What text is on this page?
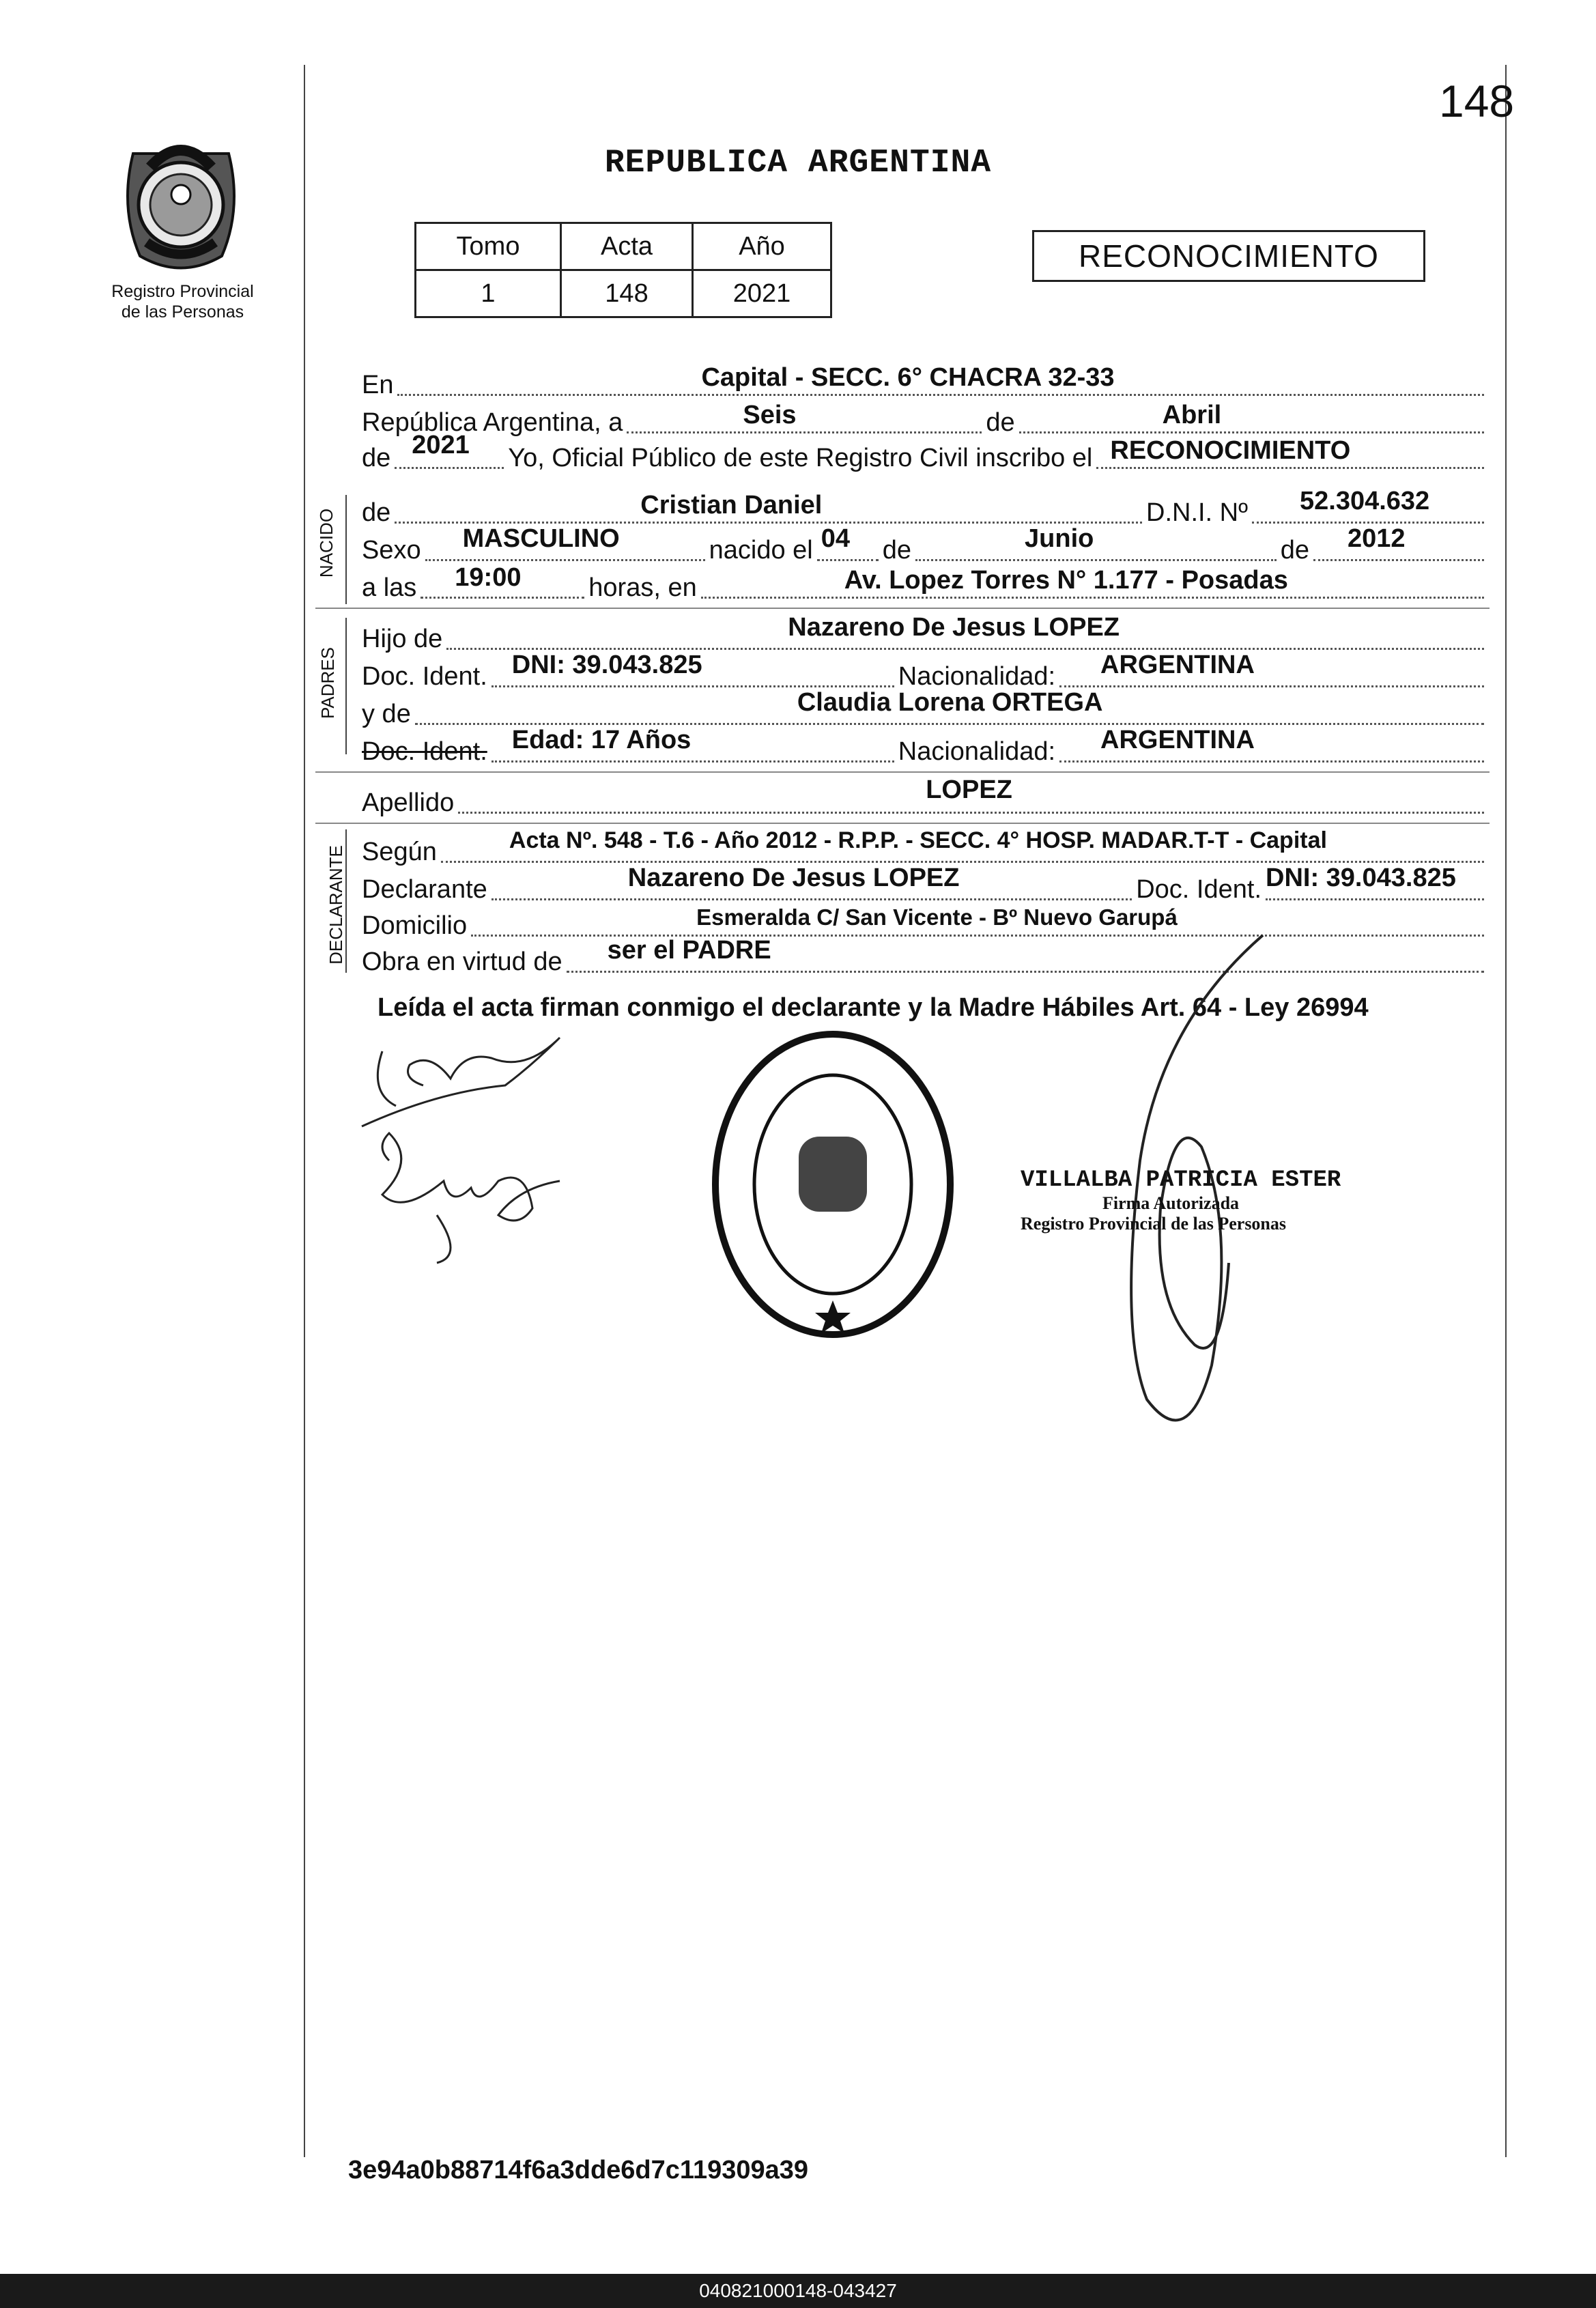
148
Registro Provincial
de las Personas
REPUBLICA ARGENTINA
Tomo	Acta	Año
1	148	2021
RECONOCIMIENTO
NACIDO
PADRES
DECLARANTE
En	Capital - SECC. 6° CHACRA 32-33
República Argentina, a	Seis	de	Abril
de 2021 Yo, Oficial Público de este Registro Civil inscribo el RECONOCIMIENTO
de	Cristian Daniel	D.N.I. Nº 52.304.632
Sexo MASCULINO	nacido el 04 de	Junio	de 2012
a las 19:00	horas, en	Av. Lopez Torres N° 1.177 - Posadas
Hijo de	Nazareno De Jesus LOPEZ
Doc. Ident. DNI: 39.043.825	Nacionalidad: ARGENTINA
y de	Claudia Lorena ORTEGA
Doc. Ident. Edad: 17 Años	Nacionalidad: ARGENTINA
Apellido	LOPEZ
Según	Acta Nº. 548 - T.6 - Año 2012 - R.P.P. - SECC. 4° HOSP. MADAR.T-T - Capital
Declarante	Nazareno De Jesus LOPEZ	Doc. Ident. DNI: 39.043.825
Domicilio	Esmeralda C/ San Vicente - Bº Nuevo Garupá
Obra en virtud de ser el PADRE
Leída el acta firman conmigo el declarante y la Madre Hábiles Art. 64 - Ley 26994
VILLALBA PATRICIA ESTER
Firma Autorizada
Registro Provincial de las Personas
3e94a0b88714f6a3dde6d7c119309a39
040821000148-043427
